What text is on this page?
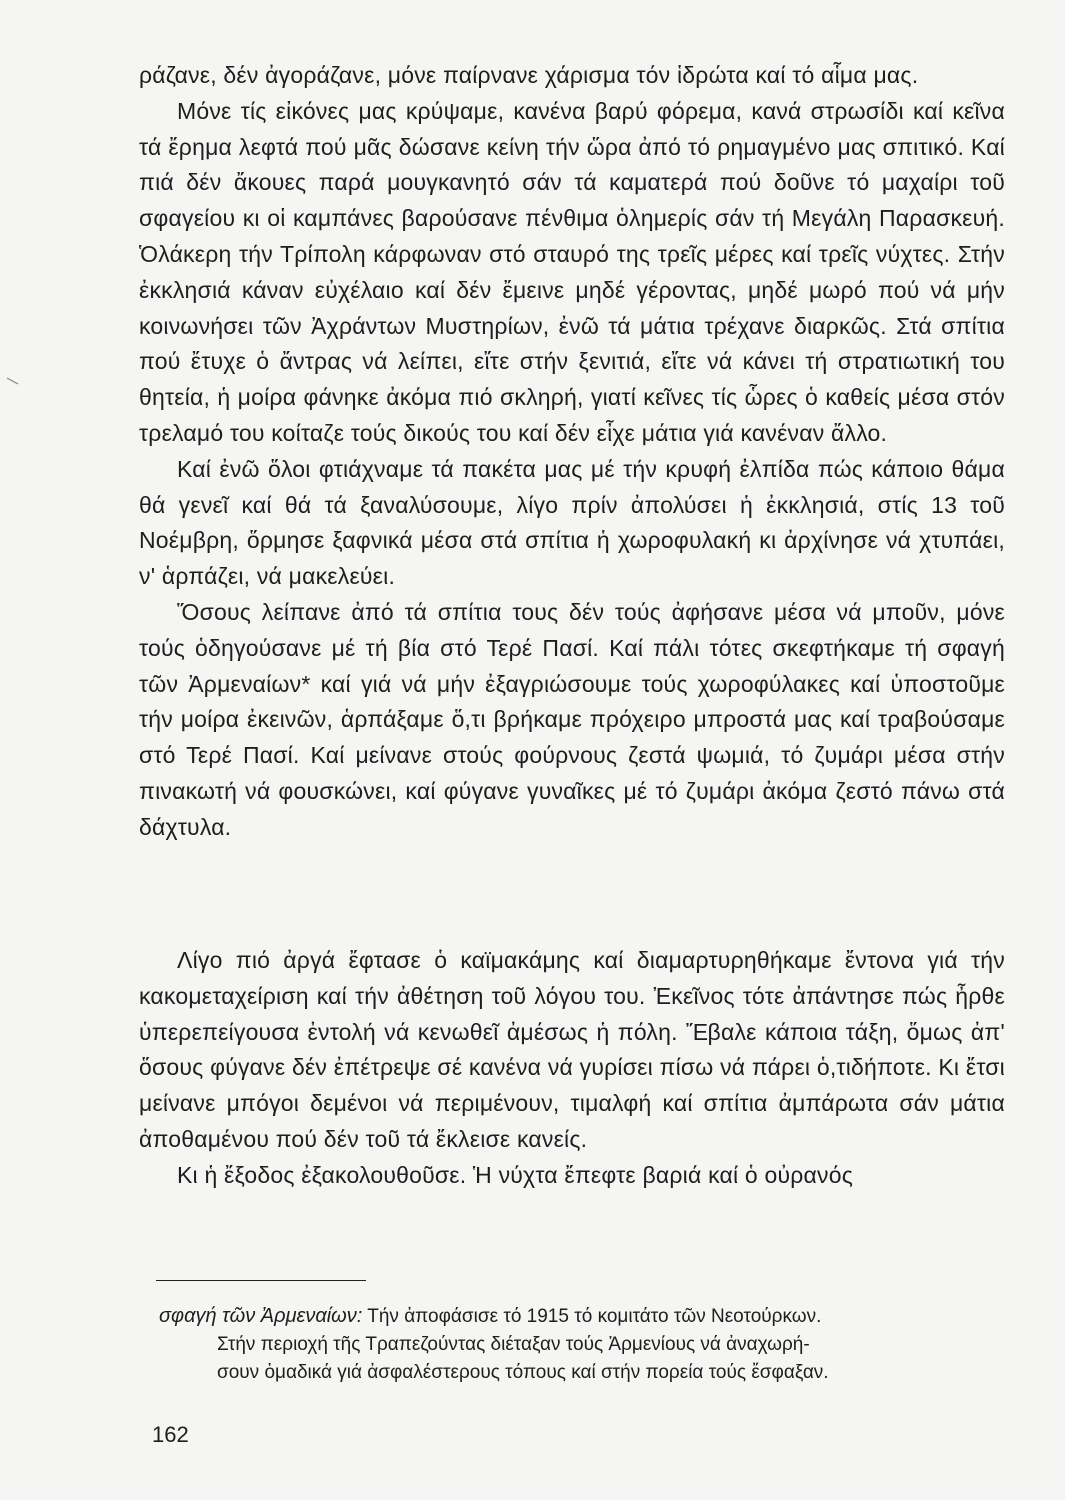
ράζανε, δέν ἀγοράζανε, μόνε παίρνανε χάρισμα τόν ἱδρώτα καί τό αἷμα μας.

Μόνε τίς εἰκόνες μας κρύψαμε, κανένα βαρύ φόρεμα, κανά στρωσίδι καί κεῖνα τά ἔρημα λεφτά πού μᾶς δώσανε κείνη τήν ὥρα ἀπό τό ρημαγμένο μας σπιτικό. Καί πιά δέν ἄκουες παρά μουγκανητό σάν τά καματερά πού δοῦνε τό μαχαίρι τοῦ σφαγείου κι οἱ καμπάνες βαρούσανε πένθιμα ὁλημερίς σάν τή Μεγάλη Παρασκευή. Ὁλάκερη τήν Τρίπολη κάρφωναν στό σταυρό της τρεῖς μέρες καί τρεῖς νύχτες. Στήν ἐκκλησιά κάναν εὐχέλαιο καί δέν ἔμεινε μηδέ γέροντας, μηδέ μωρό πού νά μήν κοινωνήσει τῶν Ἀχράντων Μυστηρίων, ἐνῶ τά μάτια τρέχανε διαρκῶς. Στά σπίτια πού ἔτυχε ὁ ἄντρας νά λείπει, εἴτε στήν ξενιτιά, εἴτε νά κάνει τή στρατιωτική του θητεία, ἡ μοίρα φάνηκε ἀκόμα πιό σκληρή, γιατί κεῖνες τίς ὧρες ὁ καθείς μέσα στόν τρελαμό του κοίταζε τούς δικούς του καί δέν εἶχε μάτια γιά κανέναν ἄλλο.

Καί ἐνῶ ὅλοι φτιάχναμε τά πακέτα μας μέ τήν κρυφή ἐλπίδα πώς κάποιο θάμα θά γενεῖ καί θά τά ξαναλύσουμε, λίγο πρίν ἀπολύσει ἡ ἐκκλησιά, στίς 13 τοῦ Νοέμβρη, ὅρμησε ξαφνικά μέσα στά σπίτια ἡ χωροφυλακή κι ἀρχίνησε νά χτυπάει, ν' ἁρπάζει, νά μακελεύει.

Ὅσους λείπανε ἀπό τά σπίτια τους δέν τούς ἀφήσανε μέσα νά μποῦν, μόνε τούς ὁδηγούσανε μέ τή βία στό Τερέ Πασί. Καί πάλι τότες σκεφτήκαμε τή σφαγή τῶν Ἀρμεναίων* καί γιά νά μήν ἐξαγριώσουμε τούς χωροφύλακες καί ὑποστοῦμε τήν μοίρα ἐκεινῶν, ἁρπάξαμε ὅ,τι βρήκαμε πρόχειρο μπροστά μας καί τραβούσαμε στό Τερέ Πασί. Καί μείνανε στούς φούρνους ζεστά ψωμιά, τό ζυμάρι μέσα στήν πινακωτή νά φουσκώνει, καί φύγανε γυναῖκες μέ τό ζυμάρι ἀκόμα ζεστό πάνω στά δάχτυλα.

Λίγο πιό ἀργά ἔφτασε ὁ καϊμακάμης καί διαμαρτυρηθήκαμε ἔντονα γιά τήν κακομεταχείριση καί τήν ἀθέτηση τοῦ λόγου του. Ἐκεῖνος τότε ἀπάντησε πώς ἦρθε ὑπερεπείγουσα ἐντολή νά κενωθεῖ ἀμέσως ἡ πόλη. Ἔβαλε κάποια τάξη, ὅμως ἀπ' ὅσους φύγανε δέν ἐπέτρεψε σέ κανένα νά γυρίσει πίσω νά πάρει ὁ,τιδήποτε. Κι ἔτσι μείνανε μπόγοι δεμένοι νά περιμένουν, τιμαλφή καί σπίτια ἀμπάρωτα σάν μάτια ἀποθαμένου πού δέν τοῦ τά ἔκλεισε κανείς.

Κι ἡ ἔξοδος ἐξακολουθοῦσε. Ἡ νύχτα ἔπεφτε βαριά καί ὁ οὐρανός

σφαγή τῶν Ἀρμεναίων: Τήν ἀποφάσισε τό 1915 τό κομιτάτο τῶν Νεοτούρκων.

Στήν περιοχή τῆς Τραπεζούντας διέταξαν τούς Ἀρμενίους νά ἀναχωρή-

σουν ὁμαδικά γιά ἀσφαλέστερους τόπους καί στήν πορεία τούς ἔσφαξαν.

162
